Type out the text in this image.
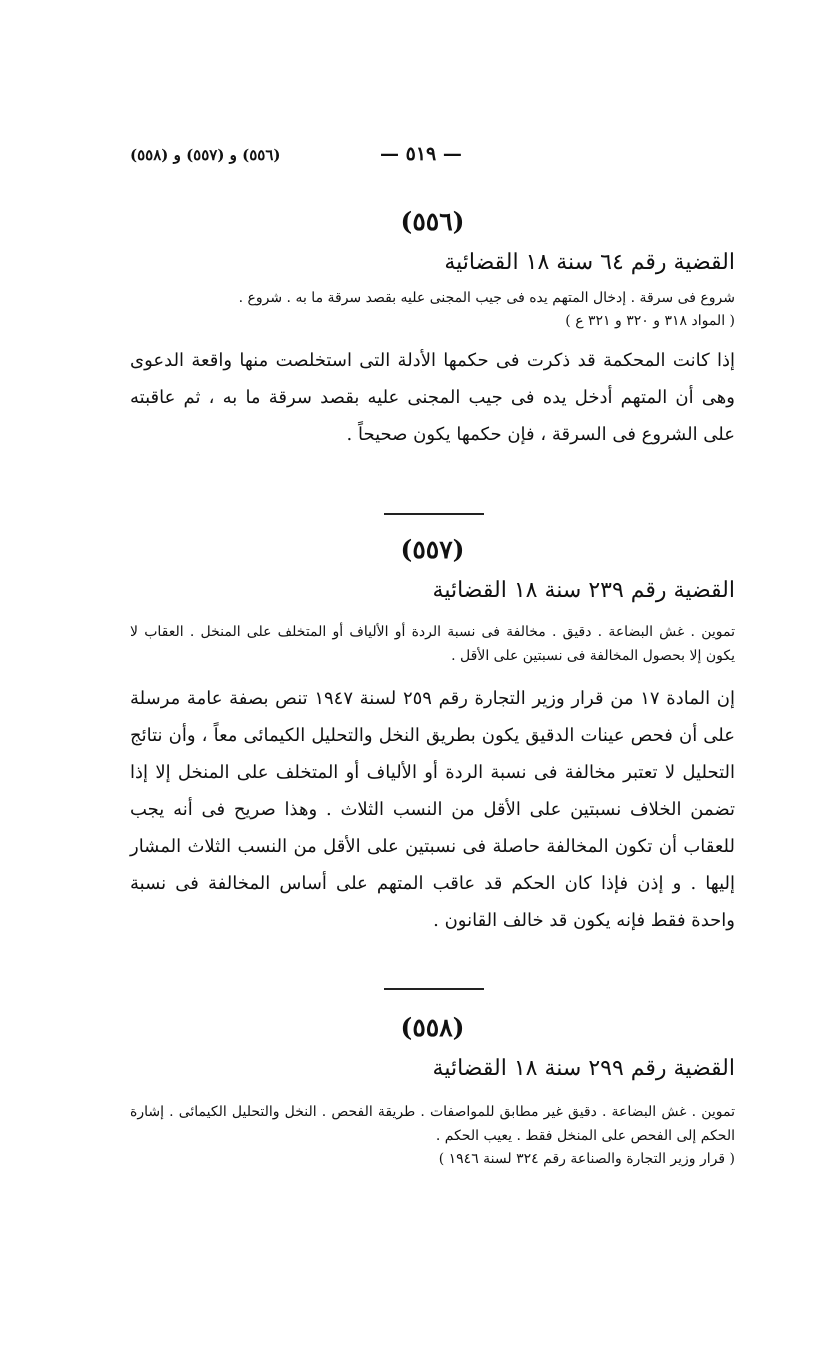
(٥٥٦) و (٥٥٧) و (٥٥٨)	— ٥١٩ —
(٥٥٦)
القضية رقم ٦٤ سنة ١٨ القضائية
شروع فى سرقة . إدخال المتهم يده فى جيب المجنى عليه بقصد سرقة ما به . شروع .
( المواد ٣١٨ و ٣٢٠ و ٣٢١ ع )
إذا كانت المحكمة قد ذكرت فى حكمها الأدلة التى استخلصت منها واقعة الدعوى وهى أن المتهم أدخل يده فى جيب المجنى عليه بقصد سرقة ما به ، ثم عاقبته على الشروع فى السرقة ، فإن حكمها يكون صحيحاً .
(٥٥٧)
القضية رقم ٢٣٩ سنة ١٨ القضائية
تموين . غش البضاعة . دقيق . مخالفة فى نسبة الردة أو الألياف أو المتخلف على المنخل . العقاب لا يكون إلا بحصول المخالفة فى نسبتين على الأقل .
إن المادة ١٧ من قرار وزير التجارة رقم ٢٥٩ لسنة ١٩٤٧ تنص بصفة عامة مرسلة على أن فحص عينات الدقيق يكون بطريق النخل والتحليل الكيمائى معاً ، وأن نتائج التحليل لا تعتبر مخالفة فى نسبة الردة أو الألياف أو المتخلف على المنخل إلا إذا تضمن الخلاف نسبتين على الأقل من النسب الثلاث . وهذا صريح فى أنه يجب للعقاب أن تكون المخالفة حاصلة فى نسبتين على الأقل من النسب الثلاث المشار إليها . و إذن فإذا كان الحكم قد عاقب المتهم على أساس المخالفة فى نسبة واحدة فقط فإنه يكون قد خالف القانون .
(٥٥٨)
القضية رقم ٢٩٩ سنة ١٨ القضائية
تموين . غش البضاعة . دقيق غير مطابق للمواصفات . طريقة الفحص . النخل والتحليل الكيمائى . إشارة الحكم إلى الفحص على المنخل فقط . يعيب الحكم .
( قرار وزير التجارة والصناعة رقم ٣٢٤ لسنة ١٩٤٦ )
